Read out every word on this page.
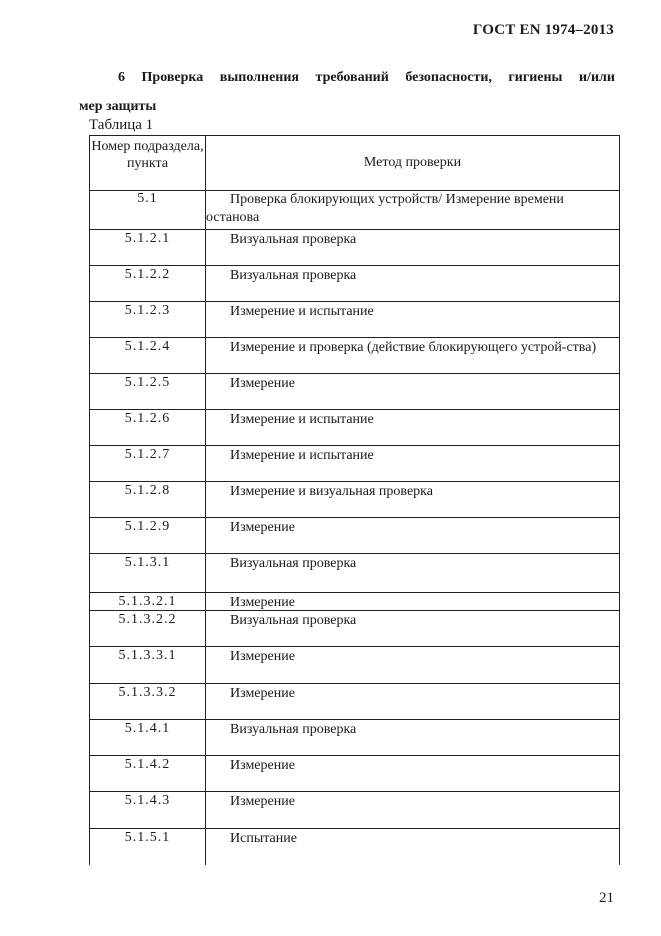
ГОСТ EN 1974–2013
6 Проверка выполнения требований безопасности, гигиены и/или
мер защиты
Таблица 1
Номер подраздела, пункта	Метод проверки
5.1	Проверка блокирующих устройств/ Измерение времени останова
5.1.2.1	Визуальная проверка
5.1.2.2	Визуальная проверка
5.1.2.3	Измерение и испытание
5.1.2.4	Измерение и проверка (действие блокирующего устрой-ства)
5.1.2.5	Измерение
5.1.2.6	Измерение и испытание
5.1.2.7	Измерение и испытание
5.1.2.8	Измерение и визуальная проверка
5.1.2.9	Измерение
5.1.3.1	Визуальная проверка
5.1.3.2.1	Измерение
5.1.3.2.2	Визуальная проверка
5.1.3.3.1	Измерение
5.1.3.3.2	Измерение
5.1.4.1	Визуальная проверка
5.1.4.2	Измерение
5.1.4.3	Измерение
5.1.5.1	Испытание
21
